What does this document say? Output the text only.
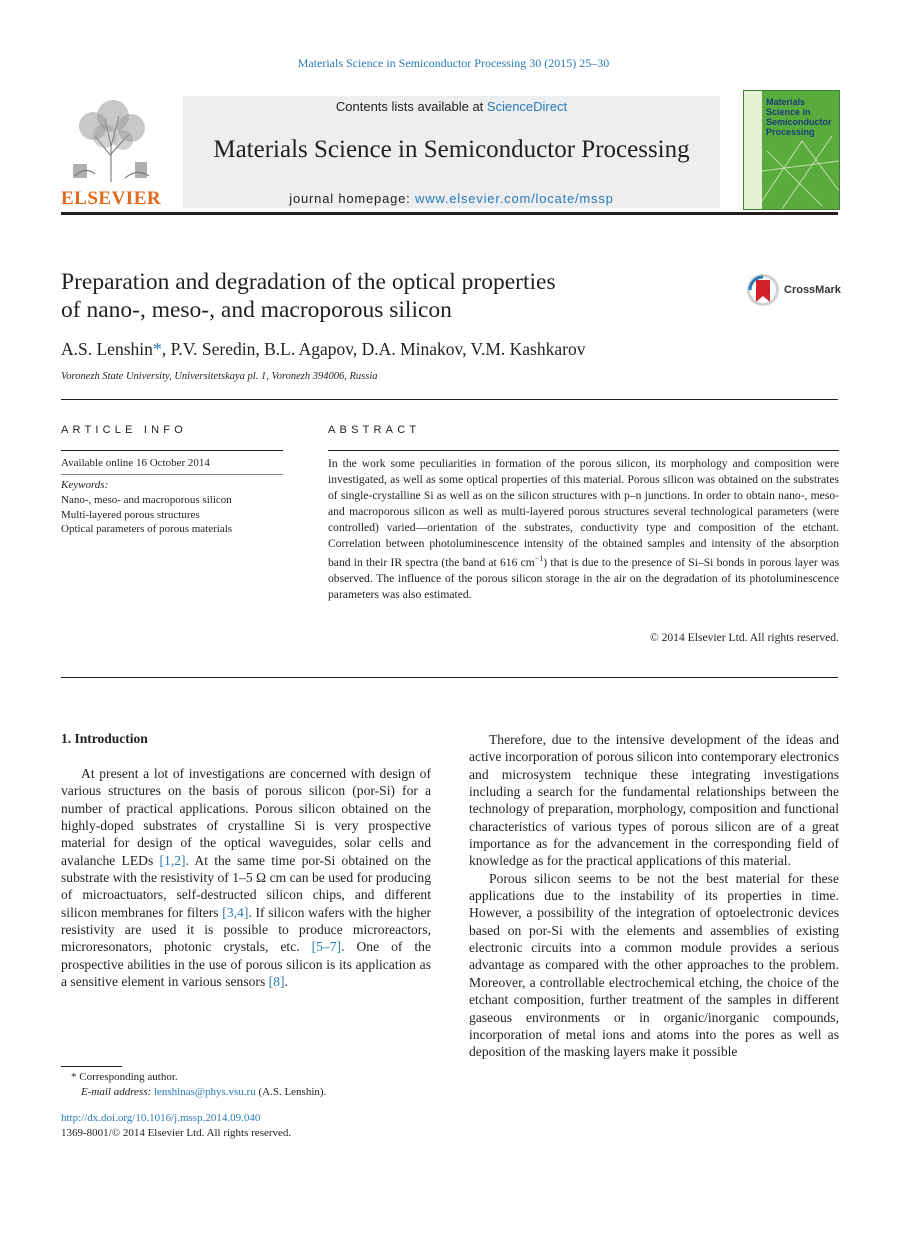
Materials Science in Semiconductor Processing 30 (2015) 25–30
ELSEVIER
Contents lists available at ScienceDirect
Materials Science in Semiconductor Processing
journal homepage: www.elsevier.com/locate/mssp
Materials Science in Semiconductor Processing
Preparation and degradation of the optical properties
of nano-, meso-, and macroporous silicon
CrossMark
A.S. Lenshin*, P.V. Seredin, B.L. Agapov, D.A. Minakov, V.M. Kashkarov
Voronezh State University, Universitetskaya pl. 1, Voronezh 394006, Russia
ARTICLE INFO	ABSTRACT
Available online 16 October 2014
Keywords:
Nano-, meso- and macroporous silicon
Multi-layered porous structures
Optical parameters of porous materials
In the work some peculiarities in formation of the porous silicon, its morphology and composition were investigated, as well as some optical properties of this material. Porous silicon was obtained on the substrates of single-crystalline Si as well as on the silicon structures with p–n junctions. In order to obtain nano-, meso- and macroporous silicon as well as multi-layered porous structures several technological parameters (were controlled) varied—orientation of the substrates, conductivity type and composition of the etchant. Correlation between photoluminescence intensity of the obtained samples and intensity of the absorption band in their IR spectra (the band at 616 $cm^{-1}$) that is due to the presence of Si–Si bonds in porous layer was observed. The influence of the porous silicon storage in the air on the degradation of its photoluminescence parameters was also estimated.
© 2014 Elsevier Ltd. All rights reserved.
1. Introduction

At present a lot of investigations are concerned with design of various structures on the basis of porous silicon (por-Si) for a number of practical applications. Porous silicon obtained on the highly-doped substrates of crystalline Si is very prospective material for design of the optical waveguides, solar cells and avalanche LEDs [1,2]. At the same time por-Si obtained on the substrate with the resistivity of 1–5 Ω cm can be used for producing of microactuators, self-destructed silicon chips, and different silicon membranes for filters [3,4]. If silicon wafers with the higher resistivity are used it is possible to produce microreactors, microresonators, photonic crystals, etc. [5–7]. One of the prospective abilities in the use of porous silicon is its application as a sensitive element in various sensors [8].

Therefore, due to the intensive development of the ideas and active incorporation of porous silicon into contemporary electronics and microsystem technique these integrating investigations including a search for the fundamental relationships between the technology of preparation, morphology, composition and functional characteristics of various types of porous silicon are of a great importance as for the advancement in the corresponding field of knowledge as for the practical applications of this material.

Porous silicon seems to be not the best material for these applications due to the instability of its properties in time. However, a possibility of the integration of optoelectronic devices based on por-Si with the elements and assemblies of existing electronic circuits into a common module provides a serious advantage as compared with the other approaches to the problem. Moreover, a controllable electrochemical etching, the choice of the etchant composition, further treatment of the samples in different gaseous environments or in organic/inorganic compounds, incorporation of metal ions and atoms into the pores as well as deposition of the masking layers make it possible

* Corresponding author.
E-mail address: lenshinas@phys.vsu.ru (A.S. Lenshin).
http://dx.doi.org/10.1016/j.mssp.2014.09.040
1369-8001/© 2014 Elsevier Ltd. All rights reserved.
